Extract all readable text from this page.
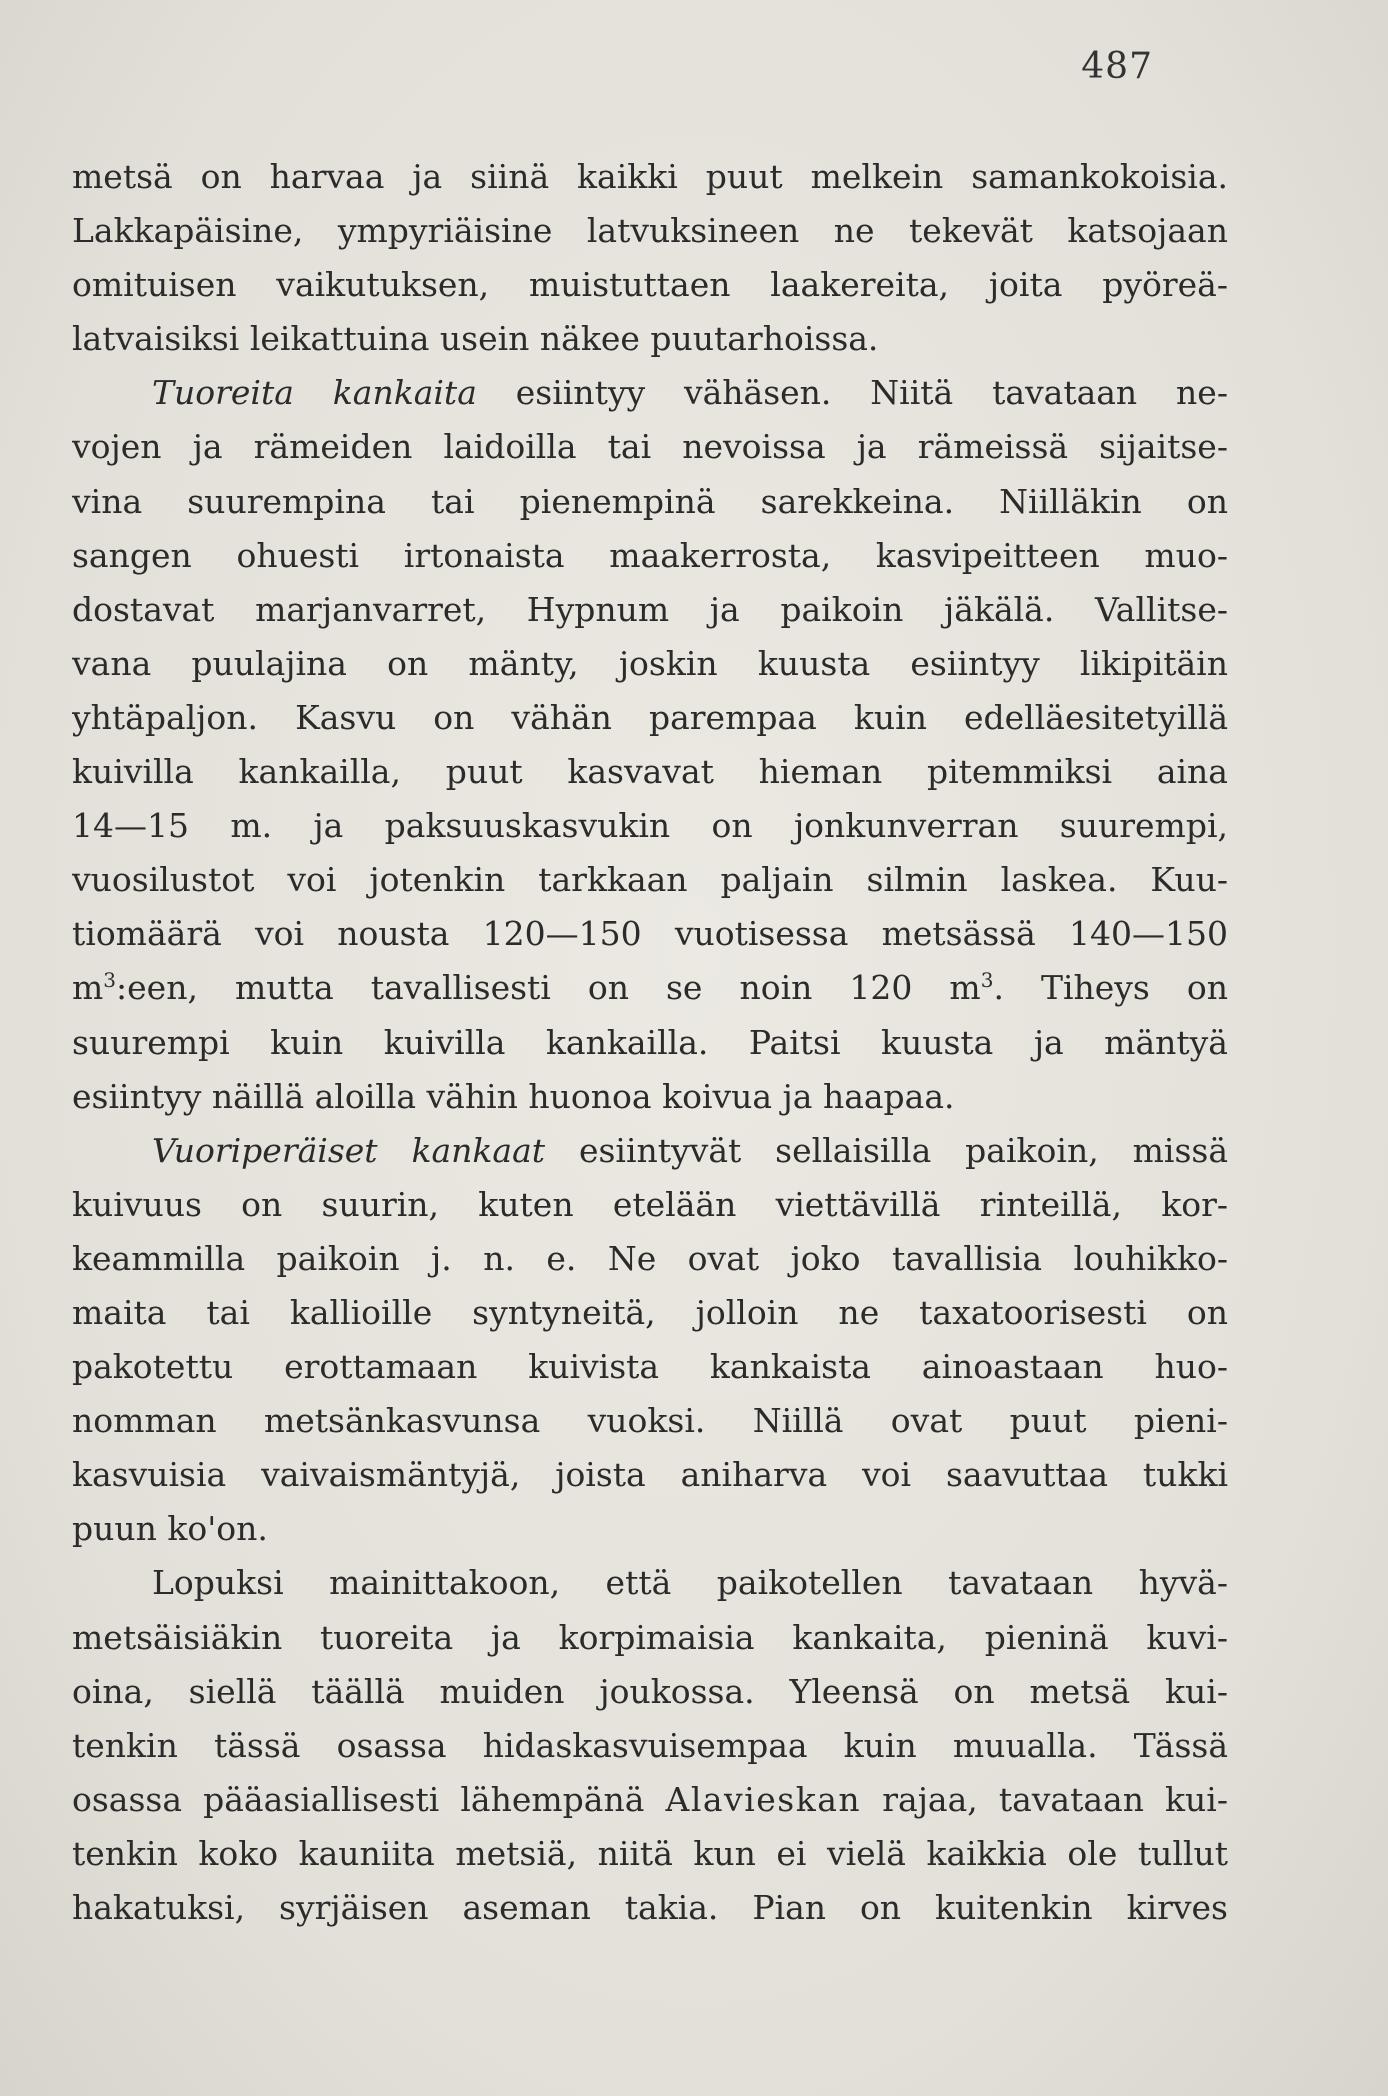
487
metsä on harvaa ja siinä kaikki puut melkein samankokoisia.
Lakkapäisine, ympyriäisine latvuksineen ne tekevät katsojaan
omituisen vaikutuksen, muistuttaen laakereita, joita pyöreä-
latvaisiksi leikattuina usein näkee puutarhoissa.
Tuoreita kankaita esiintyy vähäsen. Niitä tavataan ne-
vojen ja rämeiden laidoilla tai nevoissa ja rämeissä sijaitse-
vina suurempina tai pienempinä sarekkeina. Niilläkin on
sangen ohuesti irtonaista maakerrosta, kasvipeitteen muo-
dostavat marjanvarret, Hypnum ja paikoin jäkälä. Vallitse-
vana puulajina on mänty, joskin kuusta esiintyy likipitäin
yhtäpaljon. Kasvu on vähän parempaa kuin edelläesitetyillä
kuivilla kankailla, puut kasvavat hieman pitemmiksi aina
14—15 m. ja paksuuskasvukin on jonkunverran suurempi,
vuosilustot voi jotenkin tarkkaan paljain silmin laskea. Kuu-
tiomäärä voi nousta 120—150 vuotisessa metsässä 140—150
$m^3:een$, mutta tavallisesti on se noin 120 $m^3$. Tiheys on
suurempi kuin kuivilla kankailla. Paitsi kuusta ja mäntyä
esiintyy näillä aloilla vähin huonoa koivua ja haapaa.
Vuoriperäiset kankaat esiintyvät sellaisilla paikoin, missä
kuivuus on suurin, kuten etelään viettävillä rinteillä, kor-
keammilla paikoin j. n. e. Ne ovat joko tavallisia louhikko-
maita tai kallioille syntyneitä, jolloin ne taxatoorisesti on
pakotettu erottamaan kuivista kankaista ainoastaan huo-
nomman metsänkasvunsa vuoksi. Niillä ovat puut pieni-
kasvuisia vaivaismäntyjä, joista aniharva voi saavuttaa tukki
puun ko'on.
Lopuksi mainittakoon, että paikotellen tavataan hyvä-
metsäisiäkin tuoreita ja korpimaisia kankaita, pieninä kuvi-
oina, siellä täällä muiden joukossa. Yleensä on metsä kui-
tenkin tässä osassa hidaskasvuisempaa kuin muualla. Tässä
osassa pääasiallisesti lähempänä Alavieskan rajaa, tavataan kui-
tenkin koko kauniita metsiä, niitä kun ei vielä kaikkia ole tullut
hakatuksi, syrjäisen aseman takia. Pian on kuitenkin kirves
